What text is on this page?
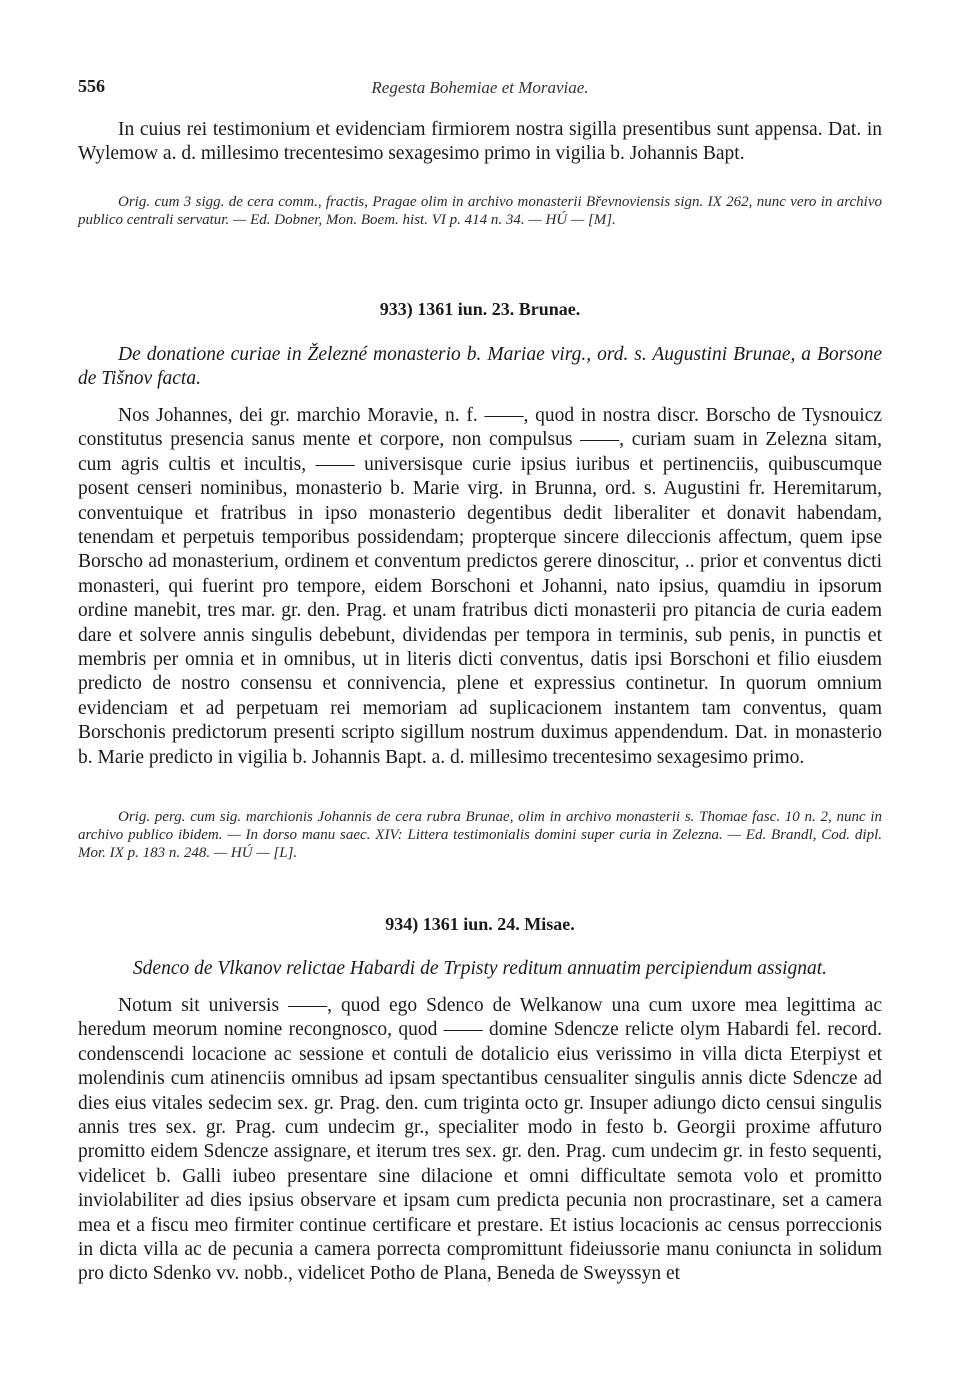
556	Regesta Bohemiae et Moraviae.

In cuius rei testimonium et evidenciam firmiorem nostra sigilla presentibus sunt appensa. Dat. in Wylemow a. d. millesimo trecentesimo sexagesimo primo in vigilia b. Johannis Bapt.

Orig. cum 3 sigg. de cera comm., fractis, Pragae olim in archivo monasterii Břevnoviensis sign. IX 262, nunc vero in archivo publico centrali servatur. — Ed. Dobner, Mon. Boem. hist. VI p. 414 n. 34. — HÚ — [M].

933) 1361 iun. 23. Brunae.

De donatione curiae in Železné monasterio b. Mariae virg., ord. s. Augustini Brunae, a Borsone de Tišnov facta.

Nos Johannes, dei gr. marchio Moravie, n. f. ——, quod in nostra discr. Borscho de Tysnouicz constitutus presencia sanus mente et corpore, non compulsus ——, curiam suam in Zelezna sitam, cum agris cultis et incultis, —— universisque curie ipsius iuribus et pertinenciis, quibuscumque posent censeri nominibus, monasterio b. Marie virg. in Brunna, ord. s. Augustini fr. Heremitarum, conventuique et fratribus in ipso monasterio degentibus dedit liberaliter et donavit habendam, tenendam et perpetuis temporibus possidendam; propterque sincere dileccionis affectum, quem ipse Borscho ad monasterium, ordinem et conventum predictos gerere dinoscitur, .. prior et conventus dicti monasteri, qui fuerint pro tempore, eidem Borschoni et Johanni, nato ipsius, quamdiu in ipsorum ordine manebit, tres mar. gr. den. Prag. et unam fratribus dicti monasterii pro pitancia de curia eadem dare et solvere annis singulis debebunt, dividendas per tempora in terminis, sub penis, in punctis et membris per omnia et in omnibus, ut in literis dicti conventus, datis ipsi Borschoni et filio eiusdem predicto de nostro consensu et connivencia, plene et expressius continetur. In quorum omnium evidenciam et ad perpetuam rei memoriam ad suplicacionem instantem tam conventus, quam Borschonis predictorum presenti scripto sigillum nostrum duximus appendendum. Dat. in monasterio b. Marie predicto in vigilia b. Johannis Bapt. a. d. millesimo trecentesimo sexagesimo primo.

Orig. perg. cum sig. marchionis Johannis de cera rubra Brunae, olim in archivo monasterii s. Thomae fasc. 10 n. 2, nunc in archivo publico ibidem. — In dorso manu saec. XIV: Littera testimonialis domini super curia in Zelezna. — Ed. Brandl, Cod. dipl. Mor. IX p. 183 n. 248. — HÚ — [L].

934) 1361 iun. 24. Misae.

Sdenco de Vlkanov relictae Habardi de Trpisty reditum annuatim percipiendum assignat.

Notum sit universis ——, quod ego Sdenco de Welkanow una cum uxore mea legittima ac heredum meorum nomine recongnosco, quod —— domine Sdencze relicte olym Habardi fel. record. condenscendi locacione ac sessione et contuli de dotalicio eius verissimo in villa dicta Eterpiyst et molendinis cum atinenciis omnibus ad ipsam spectantibus censualiter singulis annis dicte Sdencze ad dies eius vitales sedecim sex. gr. Prag. den. cum triginta octo gr. Insuper adiungo dicto censui singulis annis tres sex. gr. Prag. cum undecim gr., specialiter modo in festo b. Georgii proxime affuturo promitto eidem Sdencze assignare, et iterum tres sex. gr. den. Prag. cum undecim gr. in festo sequenti, videlicet b. Galli iubeo presentare sine dilacione et omni difficultate semota volo et promitto inviolabiliter ad dies ipsius observare et ipsam cum predicta pecunia non procrastinare, set a camera mea et a fiscu meo firmiter continue certificare et prestare. Et istius locacionis ac census porreccionis in dicta villa ac de pecunia a camera porrecta compromittunt fideiussorie manu coniuncta in solidum pro dicto Sdenko vv. nobb., videlicet Potho de Plana, Beneda de Sweyssyn et
